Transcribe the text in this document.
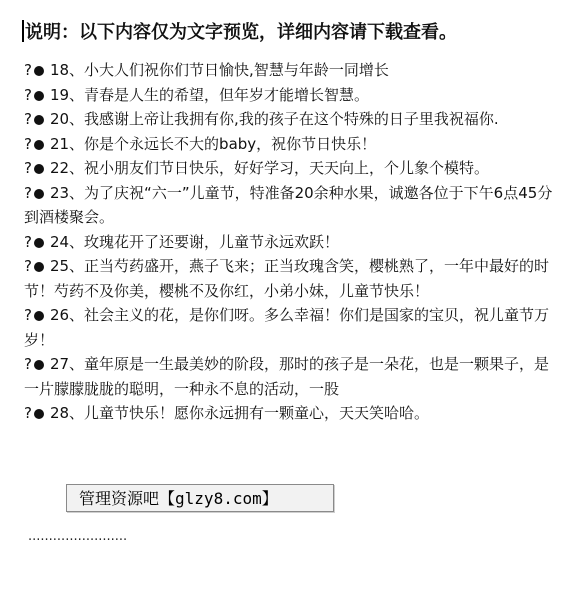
说明：以下内容仅为文字预览，详细内容请下载查看。
? 18、小大人们祝你们节日愉快,智慧与年龄一同增长
? 19、青春是人生的希望，但年岁才能增长智慧。
? 20、我感谢上帝让我拥有你,我的孩子在这个特殊的日子里我祝福你.
? 21、你是个永远长不大的baby，祝你节日快乐！
? 22、祝小朋友们节日快乐，好好学习，天天向上，个儿象个模特。
? 23、为了庆祝“六一”儿童节，特准备20余种水果，诚邀各位于下午6点45分到酒楼聚会。
? 24、玫瑰花开了还要谢，儿童节永远欢跃！
? 25、正当芍药盛开，燕子飞来；正当玫瑰含笑，樱桃熟了，一年中最好的时节！芍药不及你美，樱桃不及你红，小弟小妹，儿童节快乐！
? 26、社会主义的花，是你们呀。多么幸福！你们是国家的宝贝，祝儿童节万岁！
? 27、童年原是一生最美妙的阶段，那时的孩子是一朵花，也是一颗果子，是一片朦朦胧胧的聪明，一种永不息的活动，一股
? 28、儿童节快乐！愿你永远拥有一颗童心，天天笑哈哈。
························
管理资源吧【glzy8.com】
